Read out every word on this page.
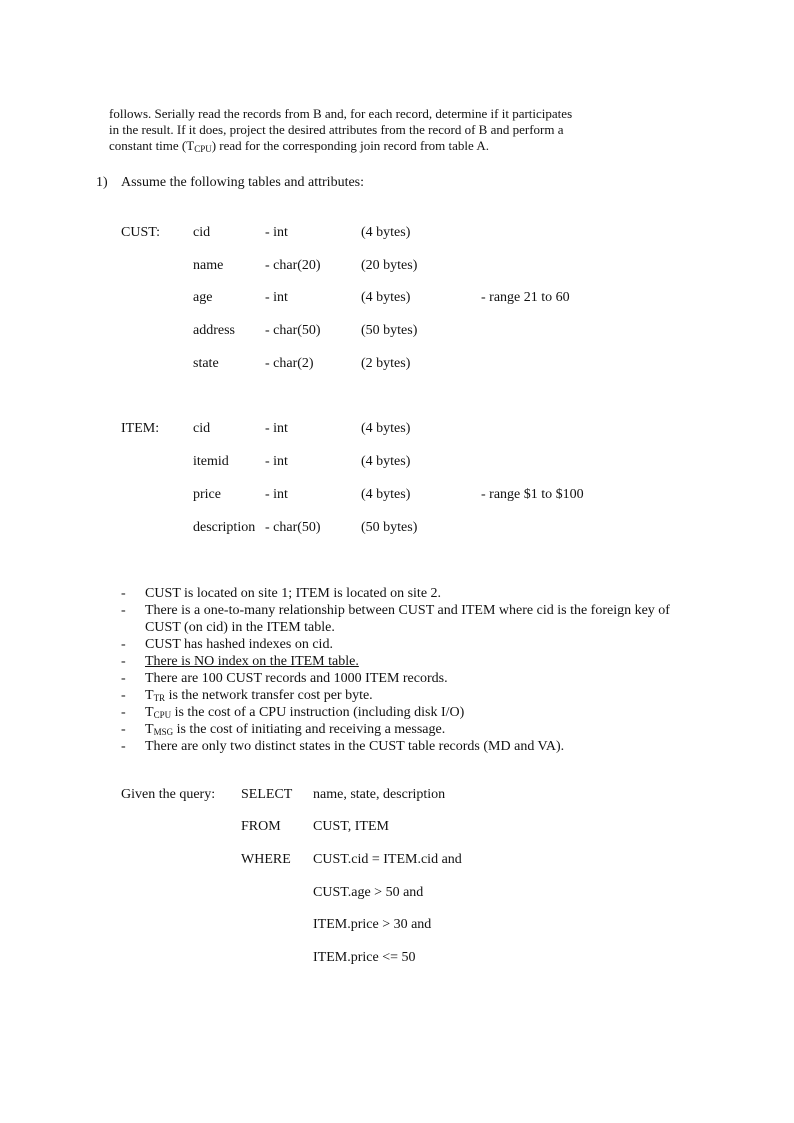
follows. Serially read the records from B and, for each record, determine if it participates
in the result. If it does, project the desired attributes from the record of B and perform a
constant time $(T_{CPU})$ read for the corresponding join record from table A.
1) Assume the following tables and attributes:
CUST: cid	- int	(4 bytes)
name	- char(20)	(20 bytes)
age	- int	(4 bytes)	- range 21 to 60
address - char(50)	(50 bytes)
state	- char(2)	(2 bytes)
ITEM: cid	- int	(4 bytes)
itemid	- int	(4 bytes)
price	- int	(4 bytes)	- range $1 to $100
description - char(50)	(50 bytes)
- CUST is located on site 1; ITEM is located on site 2.
- There is a one-to-many relationship between CUST and ITEM where cid is the foreign key of
CUST (on cid) in the ITEM table.
- CUST has hashed indexes on cid.
- There is NO index on the ITEM table.
- There are 100 CUST records and 1000 ITEM records.
- $T_{TR}$ is the network transfer cost per byte.
- $T_{CPU}$ is the cost of a CPU instruction (including disk I/O)
- $T_{MSG}$ is the cost of initiating and receiving a message.
- There are only two distinct states in the CUST table records (MD and VA).
Given the query: SELECT name, state, description
FROM CUST, ITEM
WHERE CUST.cid = ITEM.cid and
CUST.age > 50 and
ITEM.price > 30 and
ITEM.price <= 50
